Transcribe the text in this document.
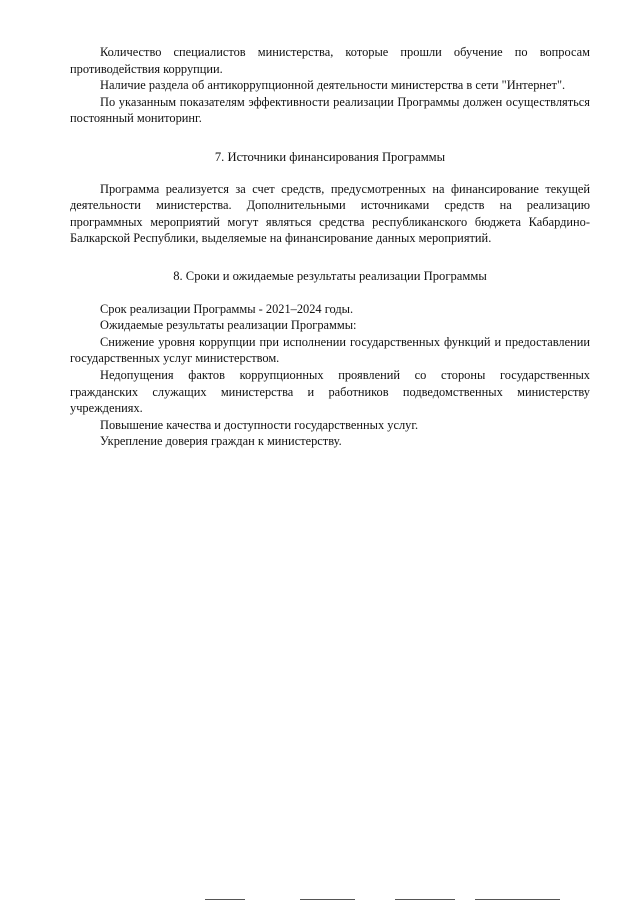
Количество специалистов министерства, которые прошли обучение по вопросам противодействия коррупции.

Наличие раздела об антикоррупционной деятельности министерства в сети "Интернет".

По указанным показателям эффективности реализации Программы должен осуществляться постоянный мониторинг.

7. Источники финансирования Программы

Программа реализуется за счет средств, предусмотренных на финансирование текущей деятельности министерства. Дополнительными источниками средств на реализацию программных мероприятий могут являться средства республиканского бюджета Кабардино-Балкарской Республики, выделяемые на финансирование данных мероприятий.

8. Сроки и ожидаемые результаты реализации Программы

Срок реализации Программы - 2021–2024 годы.

Ожидаемые результаты реализации Программы:

Снижение уровня коррупции при исполнении государственных функций и предоставлении государственных услуг министерством.

Недопущения фактов коррупционных проявлений со стороны государственных гражданских служащих министерства и работников подведомственных министерству учреждениях.

Повышение качества и доступности государственных услуг.

Укрепление доверия граждан к министерству.
